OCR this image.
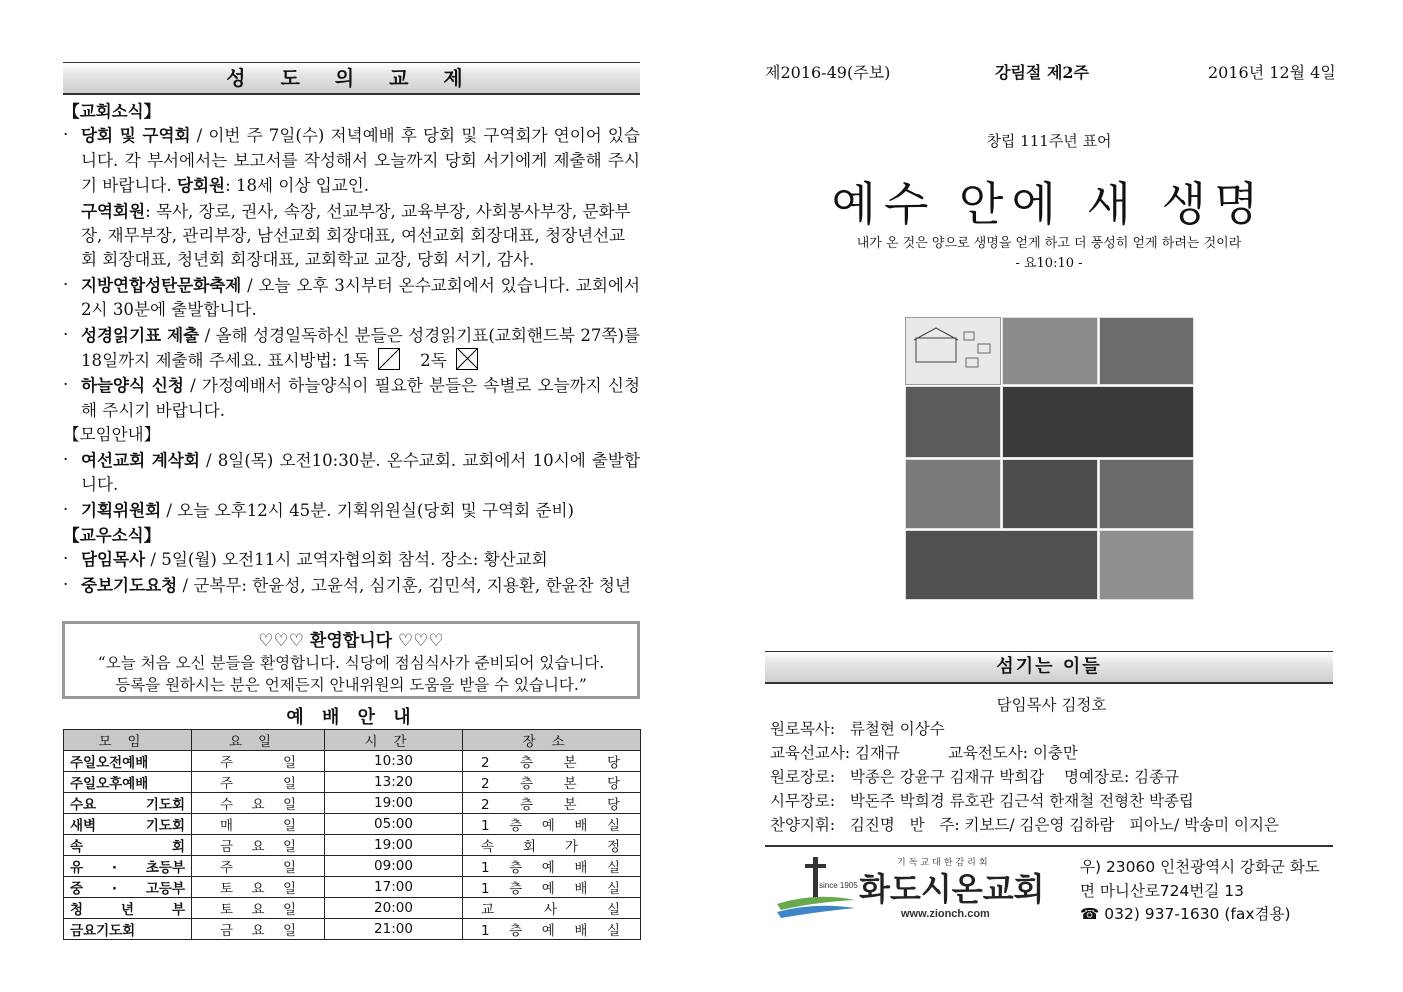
성 도 의 교 제
【교회소식】
· 당회 및 구역회 / 이번 주 7일(수) 저녁예배 후 당회 및 구역회가 연이어 있습니다. 각 부서에서는 보고서를 작성해서 오늘까지 당회 서기에게 제출해 주시기 바랍니다. 당회원: 18세 이상 입교인.
구역회원: 목사, 장로, 권사, 속장, 선교부장, 교육부장, 사회봉사부장, 문화부장, 재무부장, 관리부장, 남선교회 회장대표, 여선교회 회장대표, 청장년선교회 회장대표, 청년회 회장대표, 교회학교 교장, 당회 서기, 감사.
· 지방연합성탄문화축제 / 오늘 오후 3시부터 온수교회에서 있습니다. 교회에서 2시 30분에 출발합니다.
· 성경읽기표 제출 / 올해 성경일독하신 분들은 성경읽기표(교회핸드북 27쪽)를 18일까지 제출해 주세요. 표시방법: 1독	2독
· 하늘양식 신청 / 가정예배서 하늘양식이 필요한 분들은 속별로 오늘까지 신청해 주시기 바랍니다.
【모임안내】
· 여선교회 계삭회 / 8일(목) 오전10:30분. 온수교회. 교회에서 10시에 출발합니다.
· 기획위원회 / 오늘 오후12시 45분. 기획위원실(당회 및 구역회 준비)
【교우소식】
· 담임목사 / 5일(월) 오전11시 교역자협의회 참석. 장소: 황산교회
· 중보기도요청 / 군복무: 한윤성, 고윤석, 심기훈, 김민석, 지용환, 한윤찬 청년
♡♡♡ 환영합니다 ♡♡♡
“오늘 처음 오신 분들을 환영합니다. 식당에 점심식사가 준비되어 있습니다.
등록을 원하시는 분은 언제든지 안내위원의 도움을 받을 수 있습니다.”
예 배 안 내
모임	요일	시간	장소
주일오전예배	주 일	10:30	2 층 본 당
주일오후예배	주 일	13:20	2 층 본 당
수요 기도회	수 요 일	19:00	2 층 본 당
새벽 기도회	매 일	05:00	1 층 예 배 실
속 회	금 요 일	19:00	속 회 가 정
유 · 초등부	주 일	09:00	1 층 예 배 실
중 · 고등부	토 요 일	17:00	1 층 예 배 실
청 년 부	토 요 일	20:00	교 사 실
금요기도회	금 요 일	21:00	1 층 예 배 실
제2016-49(주보)	강림절 제2주	2016년 12월 4일
창립 111주년 표어
예수 안에 새 생명
내가 온 것은 양으로 생명을 얻게 하고 더 풍성히 얻게 하려는 것이라
- 요10:10 -
섬기는 이들
담임목사 김정호
원로목사:   류철현 이상수
교육선교사: 김재규	교육전도사: 이충만
원로장로:   박종은 강윤구 김재규 박희갑    명예장로: 김종규
시무장로:   박돈주 박희경 류호관 김근석 한재철 전형찬 박종립
찬양지휘:   김진명   반   주: 키보드/ 김은영 김하람   피아노/ 박송미 이지은
since 1905
기독교대한감리회
화도시온교회
www.zionch.com
우) 23060 인천광역시 강화군 화도
면 마니산로724번길 13
☎ 032) 937-1630 (fax겸용)
